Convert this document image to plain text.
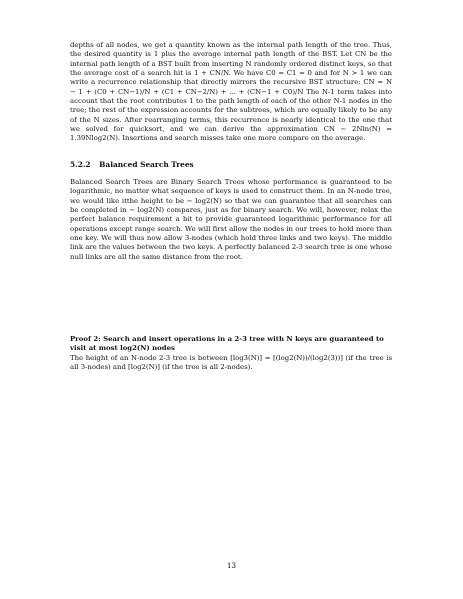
depths of all nodes, we get a quantity known as the internal path length of the tree. Thus, the desired quantity is 1 plus the average internal path length of the BST. Let CN be the internal path length of a BST built from inserting N randomly ordered distinct keys, so that the average cost of a search hit is 1 + CN/N. We have C0 = C1 = 0 and for N > 1 we can write a recurrence relationship that directly mirrors the recursive BST structure: CN = N − 1 + (C0 + CN−1)/N + (C1 + CN−2/N) + ... + (CN−1 + C0)/N The N-1 term takes into account that the root contributes 1 to the path length of each of the other N-1 nodes in the tree; the rest of the expression accounts for the subtrees, which are equally likely to be any of the N sizes. After rearranging terms, this recurrence is nearly identical to the one that we solved for quicksort, and we can derive the approximation CN ∼ 2Nln(N) = 1.39Nlog2(N). Insertions and search misses take one more compare on the average.
5.2.2 Balanced Search Trees
Balanced Search Trees are Binary Search Trees whose performance is guaranteed to be logarithmic, no matter what sequence of keys is used to construct them. In an N-node tree, we would like itthe height to be ∼ log2(N) so that we can guarantee that all searches can be completed in ∼ log2(N) compares, just as for binary search. We will, however, relax the perfect balance requirement a bit to provide guaranteed logarithmic performance for all operations except range search. We will first allow the nodes in our trees to hold more than one key. We will thus now allow 3-nodes (which hold three links and two keys). The middle link are the values between the two keys. A perfectly balanced 2-3 search tree is one whose null links are all the same distance from the root.
Proof 2: Search and insert operations in a 2-3 tree with N keys are guaranteed to visit at most log2(N) nodes
The height of an N-node 2-3 tree is between [log3(N)] = [(log2(N))/(log2(3))] (if the tree is all 3-nodes) and [log2(N)] (if the tree is all 2-nodes).
13
